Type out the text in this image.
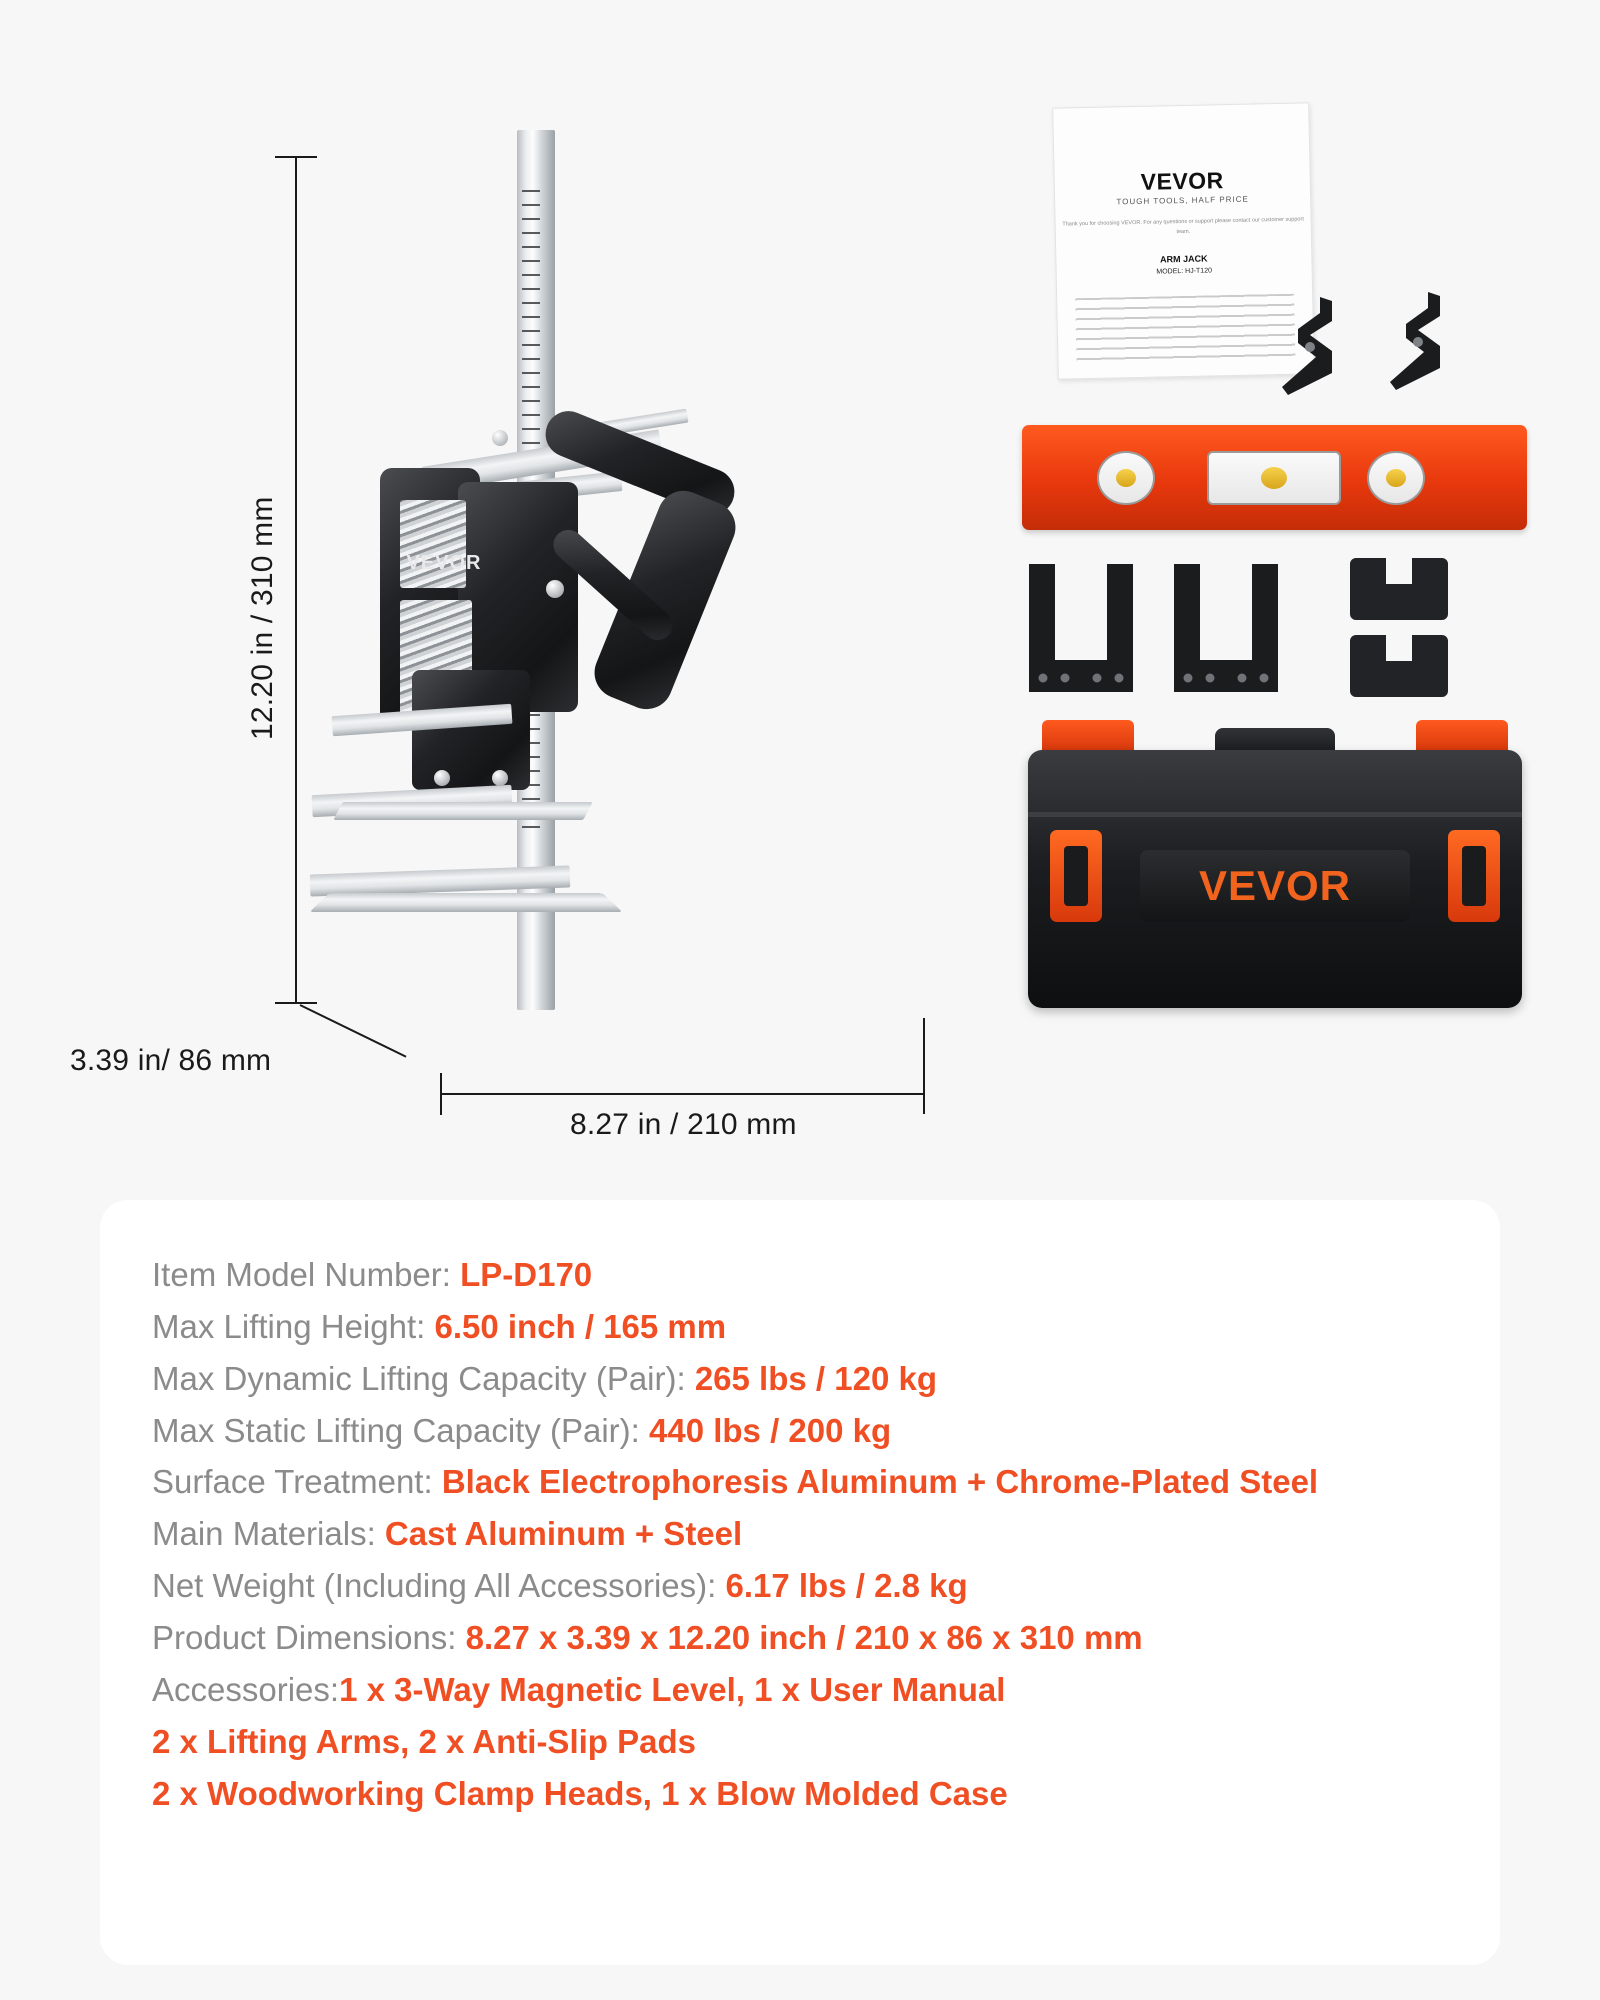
12.20 in / 310 mm
3.39 in/ 86 mm
8.27 in / 210 mm
VEVOR
VEVOR
TOUGH TOOLS, HALF PRICE
Thank you for choosing VEVOR. For any questions or support please contact our customer support team.
ARM JACK
MODEL: HJ-T120
VEVOR
Item Model Number: LP-D170
Max Lifting Height: 6.50 inch / 165 mm
Max Dynamic Lifting Capacity (Pair): 265 lbs / 120 kg
Max Static Lifting Capacity (Pair): 440 lbs / 200 kg
Surface Treatment: Black Electrophoresis Aluminum + Chrome-Plated Steel
Main Materials: Cast Aluminum + Steel
Net Weight (Including All Accessories): 6.17 lbs / 2.8 kg
Product Dimensions: 8.27 x 3.39 x 12.20 inch / 210 x 86 x 310 mm
Accessories:1 x 3-Way Magnetic Level, 1 x User Manual
2 x Lifting Arms, 2 x Anti-Slip Pads
2 x Woodworking Clamp Heads, 1 x Blow Molded Case
